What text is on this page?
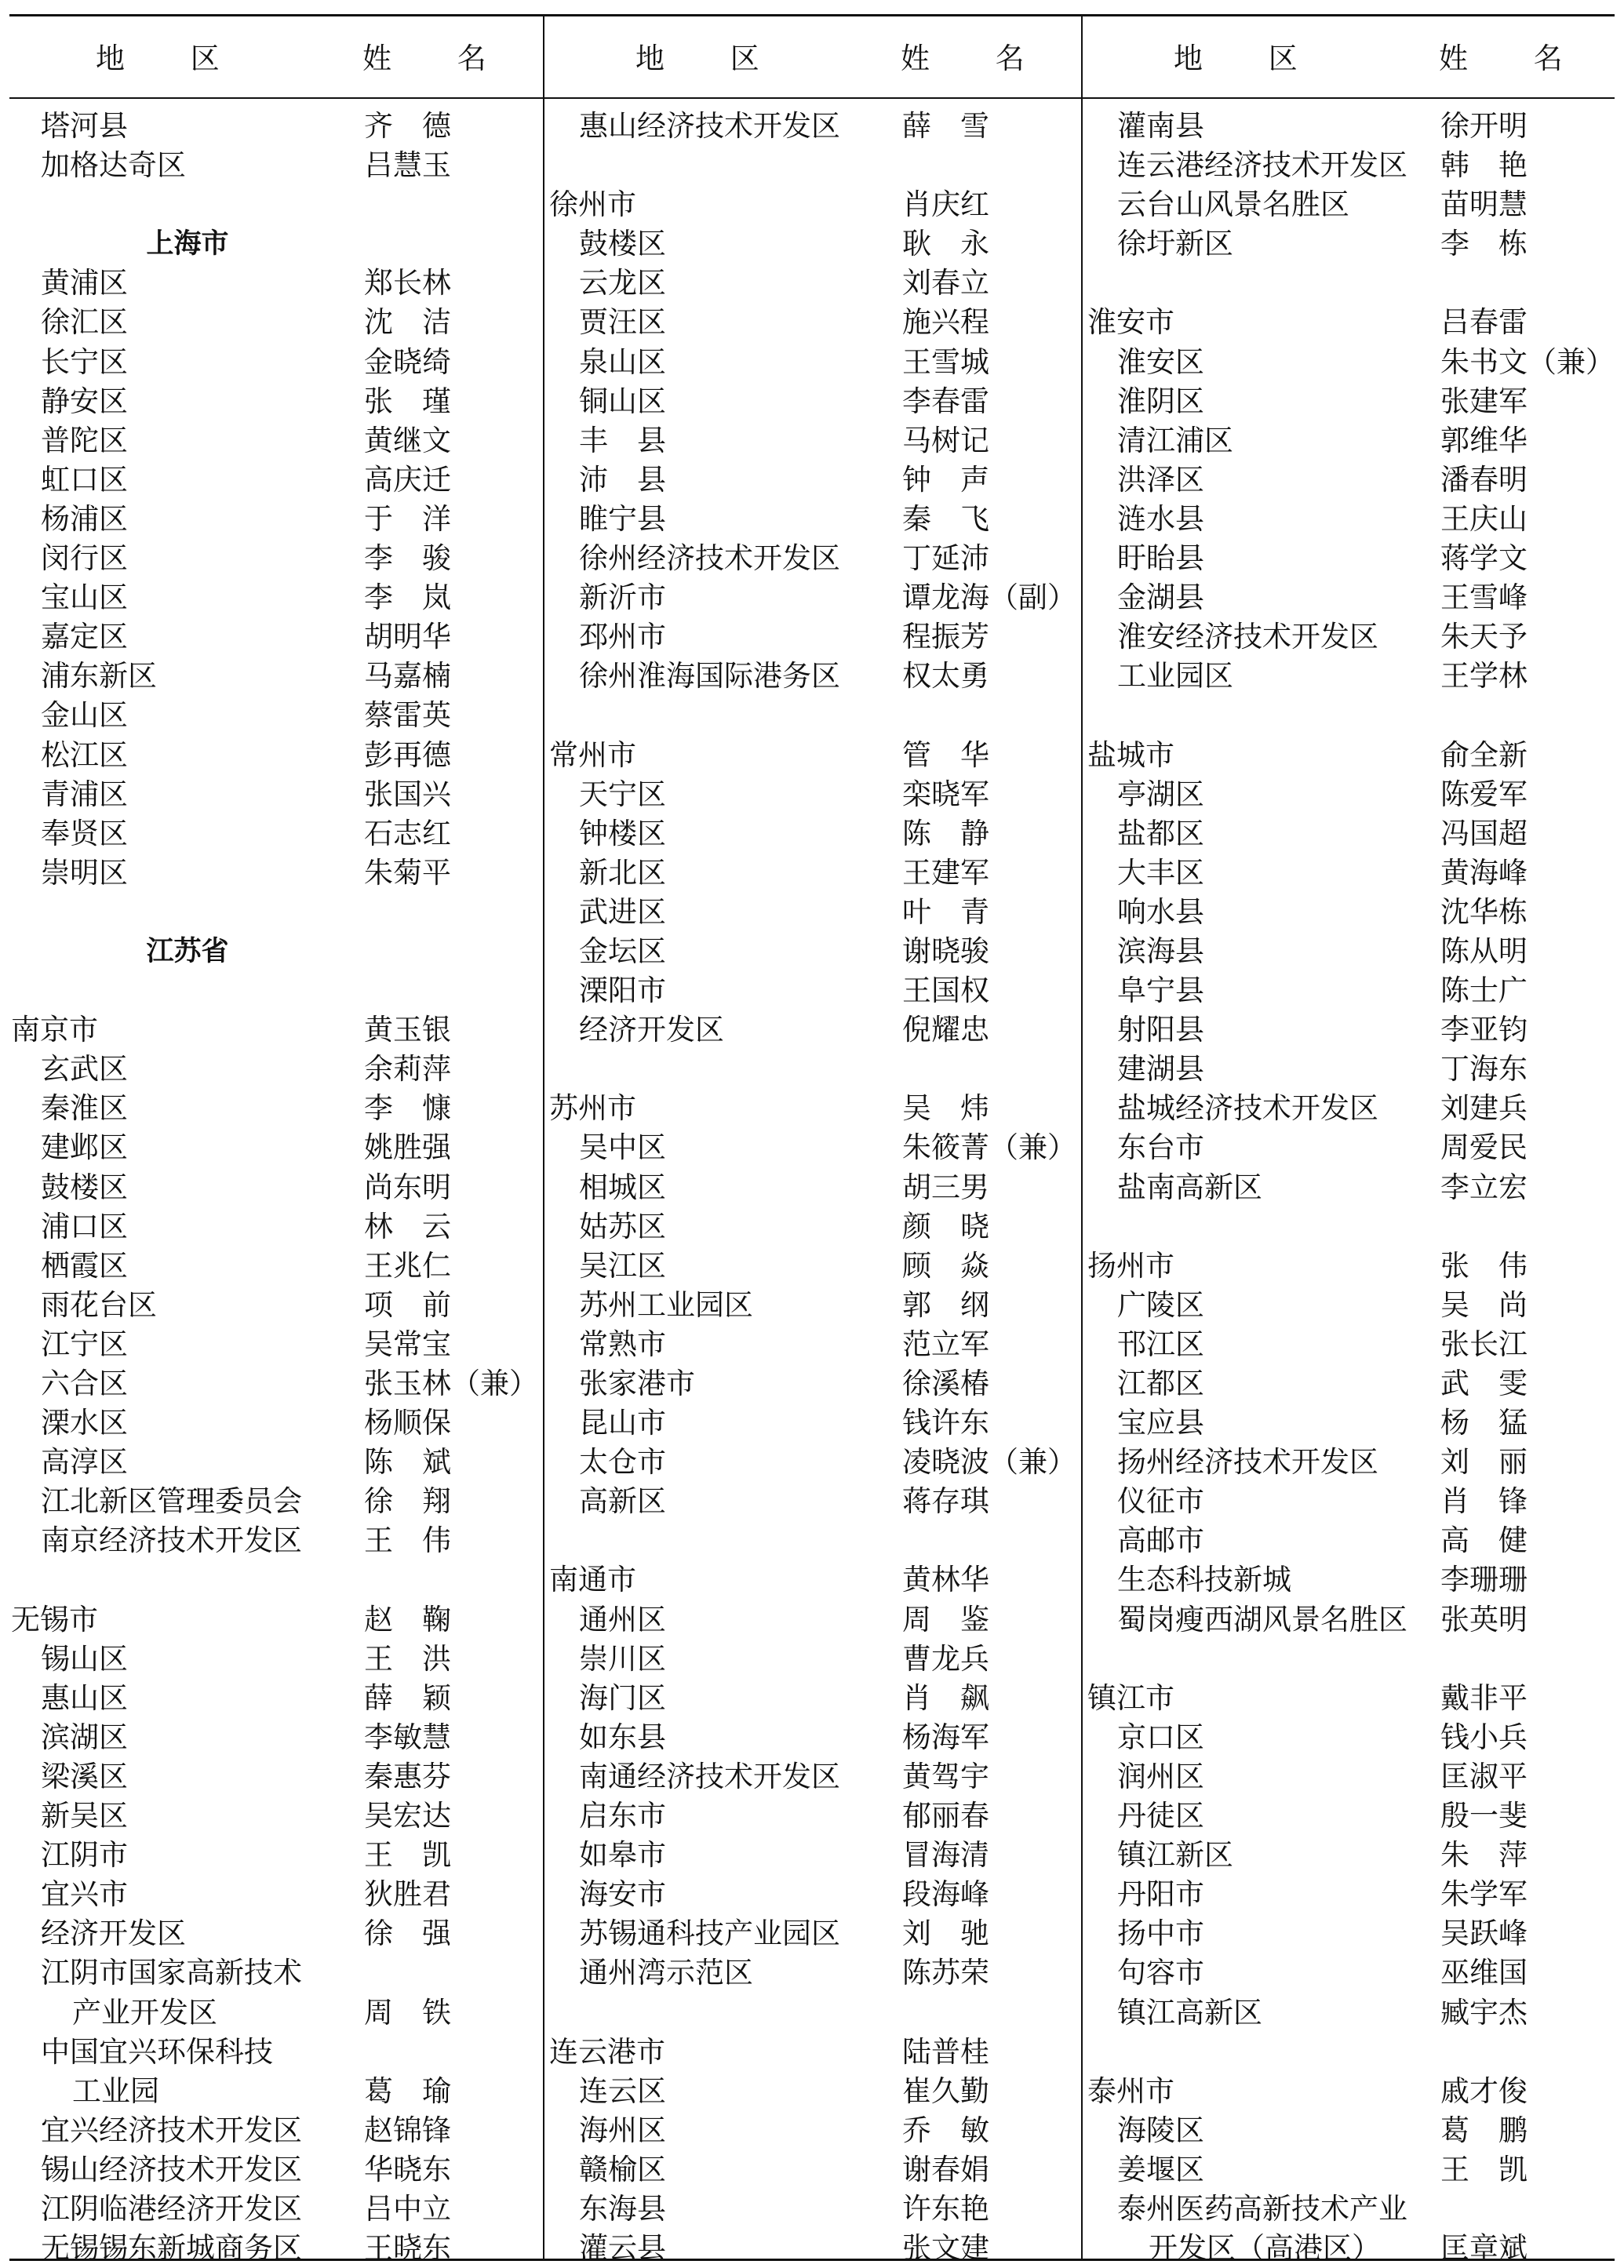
地 区	姓 名	地 区	姓 名	地 区	姓 名
塔河县	齐　德
加格达奇区	吕慧玉
上海市
黄浦区	郑长林
徐汇区	沈　洁
长宁区	金晓绮
静安区	张　瑾
普陀区	黄继文
虹口区	高庆迁
杨浦区	于　洋
闵行区	李　骏
宝山区	李　岚
嘉定区	胡明华
浦东新区	马嘉楠
金山区	蔡雷英
松江区	彭再德
青浦区	张国兴
奉贤区	石志红
崇明区	朱菊平
江苏省
南京市	黄玉银
玄武区	余莉萍
秦淮区	李　慷
建邺区	姚胜强
鼓楼区	尚东明
浦口区	林　云
栖霞区	王兆仁
雨花台区	项　前
江宁区	吴常宝
六合区	张玉林（兼）
溧水区	杨顺保
高淳区	陈　斌
江北新区管理委员会 徐　翔
南京经济技术开发区 王　伟
无锡市	赵　鞠
锡山区	王　洪
惠山区	薛　颖
滨湖区	李敏慧
梁溪区	秦惠芬
新吴区	吴宏达
江阴市	王　凯
宜兴市	狄胜君
经济开发区	徐　强
江阴市国家高新技术
产业开发区	周　铁
中国宜兴环保科技
工业园	葛　瑜
宜兴经济技术开发区 赵锦锋
锡山经济技术开发区 华晓东
江阴临港经济开发区 吕中立
无锡锡东新城商务区 王晓东
惠山经济技术开发区 薛　雪
徐州市	肖庆红
鼓楼区	耿　永
云龙区	刘春立
贾汪区	施兴程
泉山区	王雪城
铜山区	李春雷
丰　县	马树记
沛　县	钟　声
睢宁县	秦　飞
徐州经济技术开发区 丁延沛
新沂市	谭龙海（副）
邳州市	程振芳
徐州淮海国际港务区 权太勇
常州市	管　华
天宁区	栾晓军
钟楼区	陈　静
新北区	王建军
武进区	叶　青
金坛区	谢晓骏
溧阳市	王国权
经济开发区	倪耀忠
苏州市	吴　炜
吴中区	朱筱菁（兼）
相城区	胡三男
姑苏区	颜　晓
吴江区	顾　焱
苏州工业园区	郭　纲
常熟市	范立军
张家港市	徐溪椿
昆山市	钱许东
太仓市	凌晓波（兼）
高新区	蒋存琪
南通市	黄林华
通州区	周　鉴
崇川区	曹龙兵
海门区	肖　飙
如东县	杨海军
南通经济技术开发区 黄驾宇
启东市	郁丽春
如皋市	冒海清
海安市	段海峰
苏锡通科技产业园区 刘　驰
通州湾示范区	陈苏荣
连云港市	陆普桂
连云区	崔久勤
海州区	乔　敏
赣榆区	谢春娟
东海县	许东艳
灌云县	张文建
灌南县	徐开明
连云港经济技术开发区 韩　艳
云台山风景名胜区	苗明慧
徐圩新区	李　栋
淮安市	吕春雷
淮安区	朱书文（兼）
淮阴区	张建军
清江浦区	郭维华
洪泽区	潘春明
涟水县	王庆山
盱眙县	蒋学文
金湖县	王雪峰
淮安经济技术开发区 朱天予
工业园区	王学林
盐城市	俞全新
亭湖区	陈爱军
盐都区	冯国超
大丰区	黄海峰
响水县	沈华栋
滨海县	陈从明
阜宁县	陈士广
射阳县	李亚钧
建湖县	丁海东
盐城经济技术开发区 刘建兵
东台市	周爱民
盐南高新区	李立宏
扬州市	张　伟
广陵区	吴　尚
邗江区	张长江
江都区	武　雯
宝应县	杨　猛
扬州经济技术开发区 刘　丽
仪征市	肖　锋
高邮市	高　健
生态科技新城	李珊珊
蜀岗瘦西湖风景名胜区 张英明
镇江市	戴非平
京口区	钱小兵
润州区	匡淑平
丹徒区	殷一斐
镇江新区	朱　萍
丹阳市	朱学军
扬中市	吴跃峰
句容市	巫维国
镇江高新区	臧宇杰
泰州市	戚才俊
海陵区	葛　鹏
姜堰区	王　凯
泰州医药高新技术产业
开发区（高港区） 匡章斌
